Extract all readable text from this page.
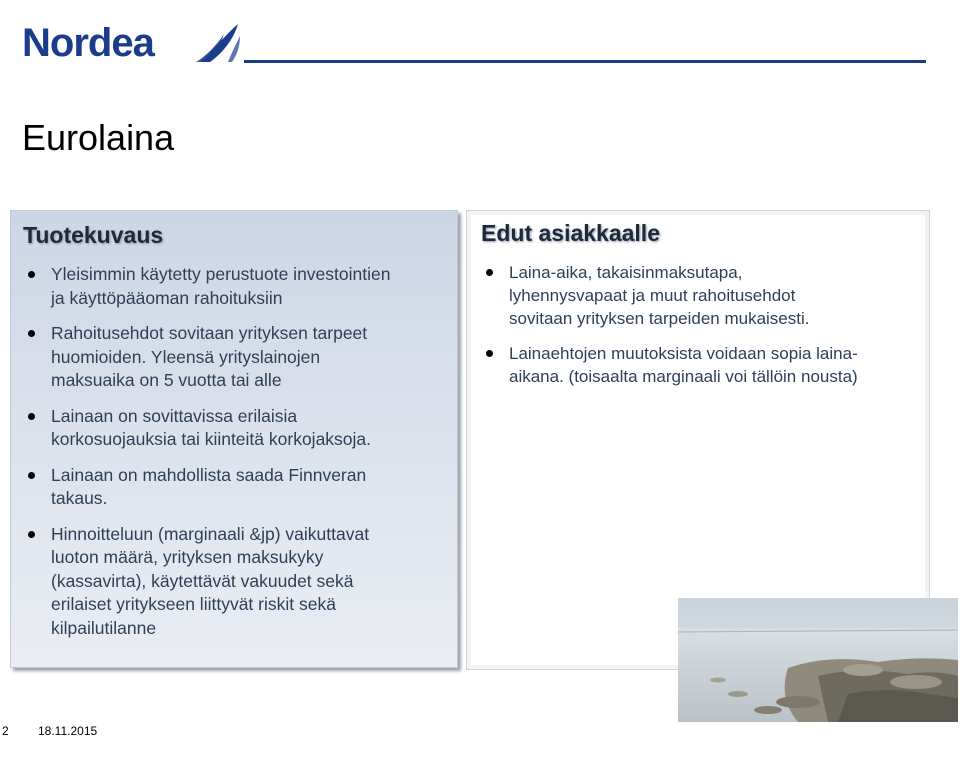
Nordea
Eurolaina
Tuotekuvaus
Yleisimmin käytetty perustuote investointien
ja käyttöpääoman rahoituksiin
Rahoitusehdot sovitaan yrityksen tarpeet
huomioiden. Yleensä yrityslainojen
maksuaika on 5 vuotta tai alle
Lainaan on sovittavissa erilaisia
korkosuojauksia tai kiinteitä korkojaksoja.
Lainaan on mahdollista saada Finnveran
takaus.
Hinnoitteluun (marginaali &jp) vaikuttavat
luoton määrä, yrityksen maksukyky
(kassavirta), käytettävät vakuudet sekä
erilaiset yritykseen liittyvät riskit sekä
kilpailutilanne
Edut asiakkaalle
Laina-aika, takaisinmaksutapa,
lyhennysvapaat ja muut rahoitusehdot
sovitaan yrityksen tarpeiden mukaisesti.
Lainaehtojen muutoksista voidaan sopia laina-
aikana. (toisaalta marginaali voi tällöin nousta)
2 18.11.2015
